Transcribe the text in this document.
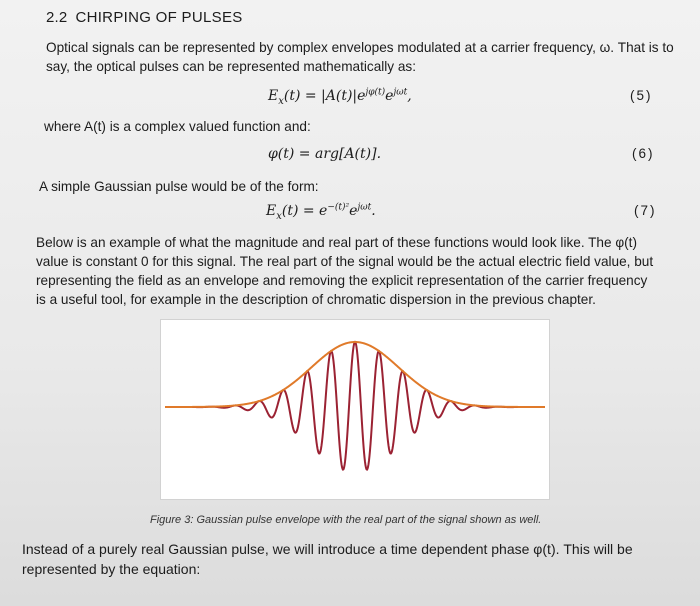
2.2 CHIRPING OF PULSES
Optical signals can be represented by complex envelopes modulated at a carrier frequency, ω. That is to
say, the optical pulses can be represented mathematically as:
$E_x(t) = |A(t)|e^{j\varphi(t)}e^{j\omega t}$,	(5)
where A(t) is a complex valued function and:
φ(t) = arg[A(t)].	(6)
A simple Gaussian pulse would be of the form:
$E_x(t) = e^{-(t)^2}e^{j\omega t}$.	(7)
Below is an example of what the magnitude and real part of these functions would look like. The φ(t)
value is constant 0 for this signal. The real part of the signal would be the actual electric field value, but
representing the field as an envelope and removing the explicit representation of the carrier frequency
is a useful tool, for example in the description of chromatic dispersion in the previous chapter.
Figure 3: Gaussian pulse envelope with the real part of the signal shown as well.
Instead of a purely real Gaussian pulse, we will introduce a time dependent phase φ(t). This will be
represented by the equation:
